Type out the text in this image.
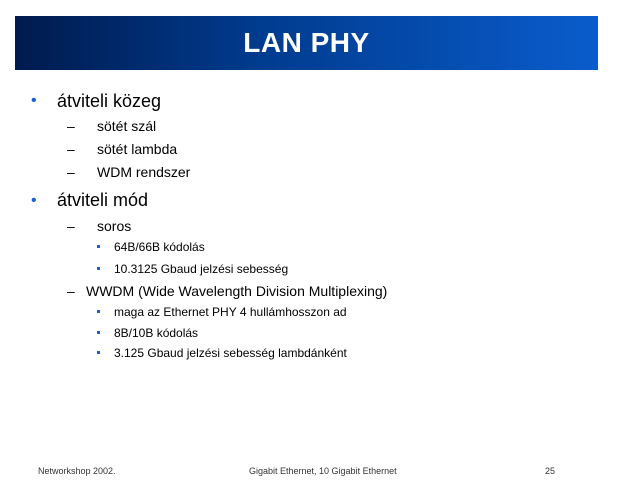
LAN PHY
• átviteli közeg
– sötét szál
– sötét lambda
– WDM rendszer
• átviteli mód
– soros
64B/66B kódolás
10.3125 Gbaud jelzési sebesség
– WWDM (Wide Wavelength Division Multiplexing)
maga az Ethernet PHY 4 hullámhosszon ad
8B/10B kódolás
3.125 Gbaud jelzési sebesség lambdánként
Networkshop 2002.	Gigabit Ethernet, 10 Gigabit Ethernet	25
